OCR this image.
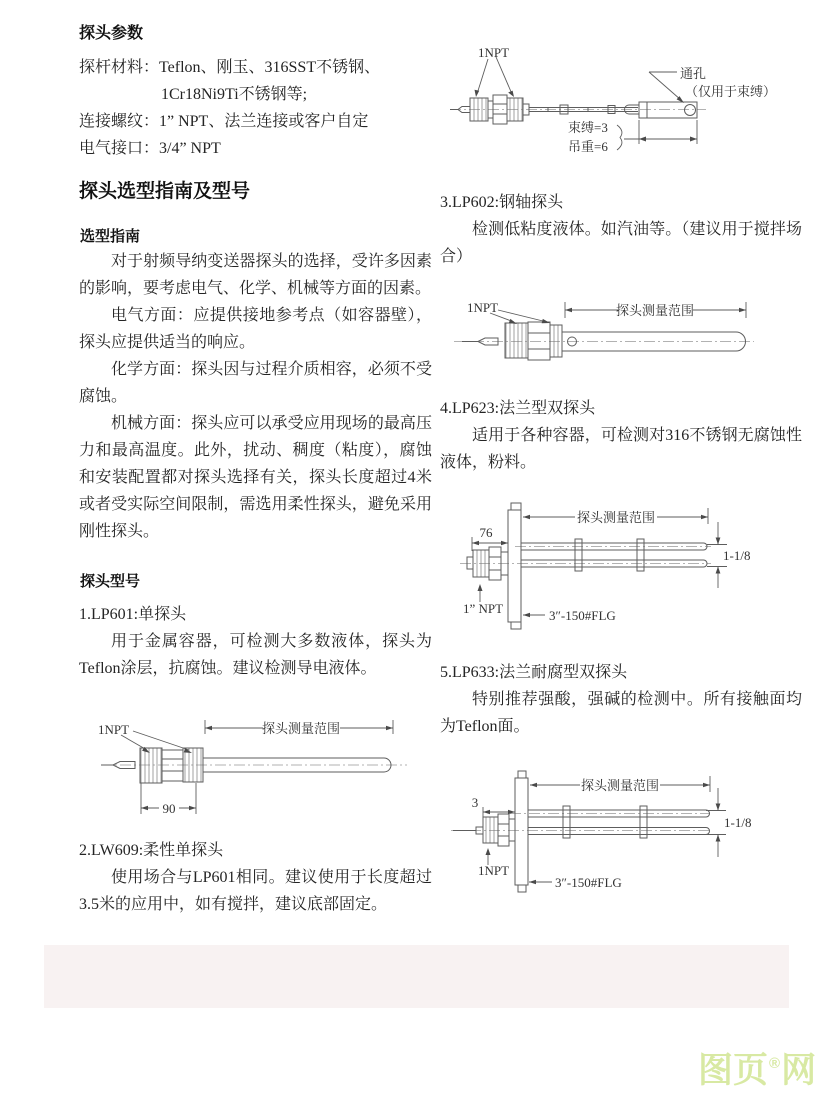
探头参数
探杆材料：Teflon、刚玉、316SST不锈钢、
1Cr18Ni9Ti不锈钢等;
连接螺纹：1” NPT、法兰连接或客户自定
电气接口：3/4” NPT
探头选型指南及型号
选型指南

对于射频导纳变送器探头的选择，受许多因素的影响，要考虑电气、化学、机械等方面的因素。

电气方面：应提供接地参考点（如容器壁），探头应提供适当的响应。

化学方面：探头因与过程介质相容，必须不受腐蚀。

机械方面：探头应可以承受应用现场的最高压力和最高温度。此外，扰动、稠度（粘度），腐蚀和安装配置都对探头选择有关，探头长度超过4米或者受实际空间限制，需选用柔性探头，避免采用刚性探头。

探头型号
1.LP601:单探头

用于金属容器，可检测大多数液体，探头为Teflon涂层，抗腐蚀。建议检测导电液体。

1NPT	探头测量范围
90
2.LW609:柔性单探头

使用场合与LP601相同。建议使用于长度超过3.5米的应用中，如有搅拌，建议底部固定。

1NPT
通孔
（仅用于束缚）
束缚=3
吊重=6
3.LP602:钢轴探头

检测低粘度液体。如汽油等。（建议用于搅拌场合）

1NPT	探头测量范围
4.LP623:法兰型双探头

适用于各种容器，可检测对316不锈钢无腐蚀性液体，粉料。

76
探头测量范围
1-1/8
1” NPT	3″-150#FLG
5.LP633:法兰耐腐型双探头

特别推荐强酸，强碱的检测中。所有接触面均为Teflon面。

3
探头测量范围
1-1/8
1NPT
3″-150#FLG
图页®网
